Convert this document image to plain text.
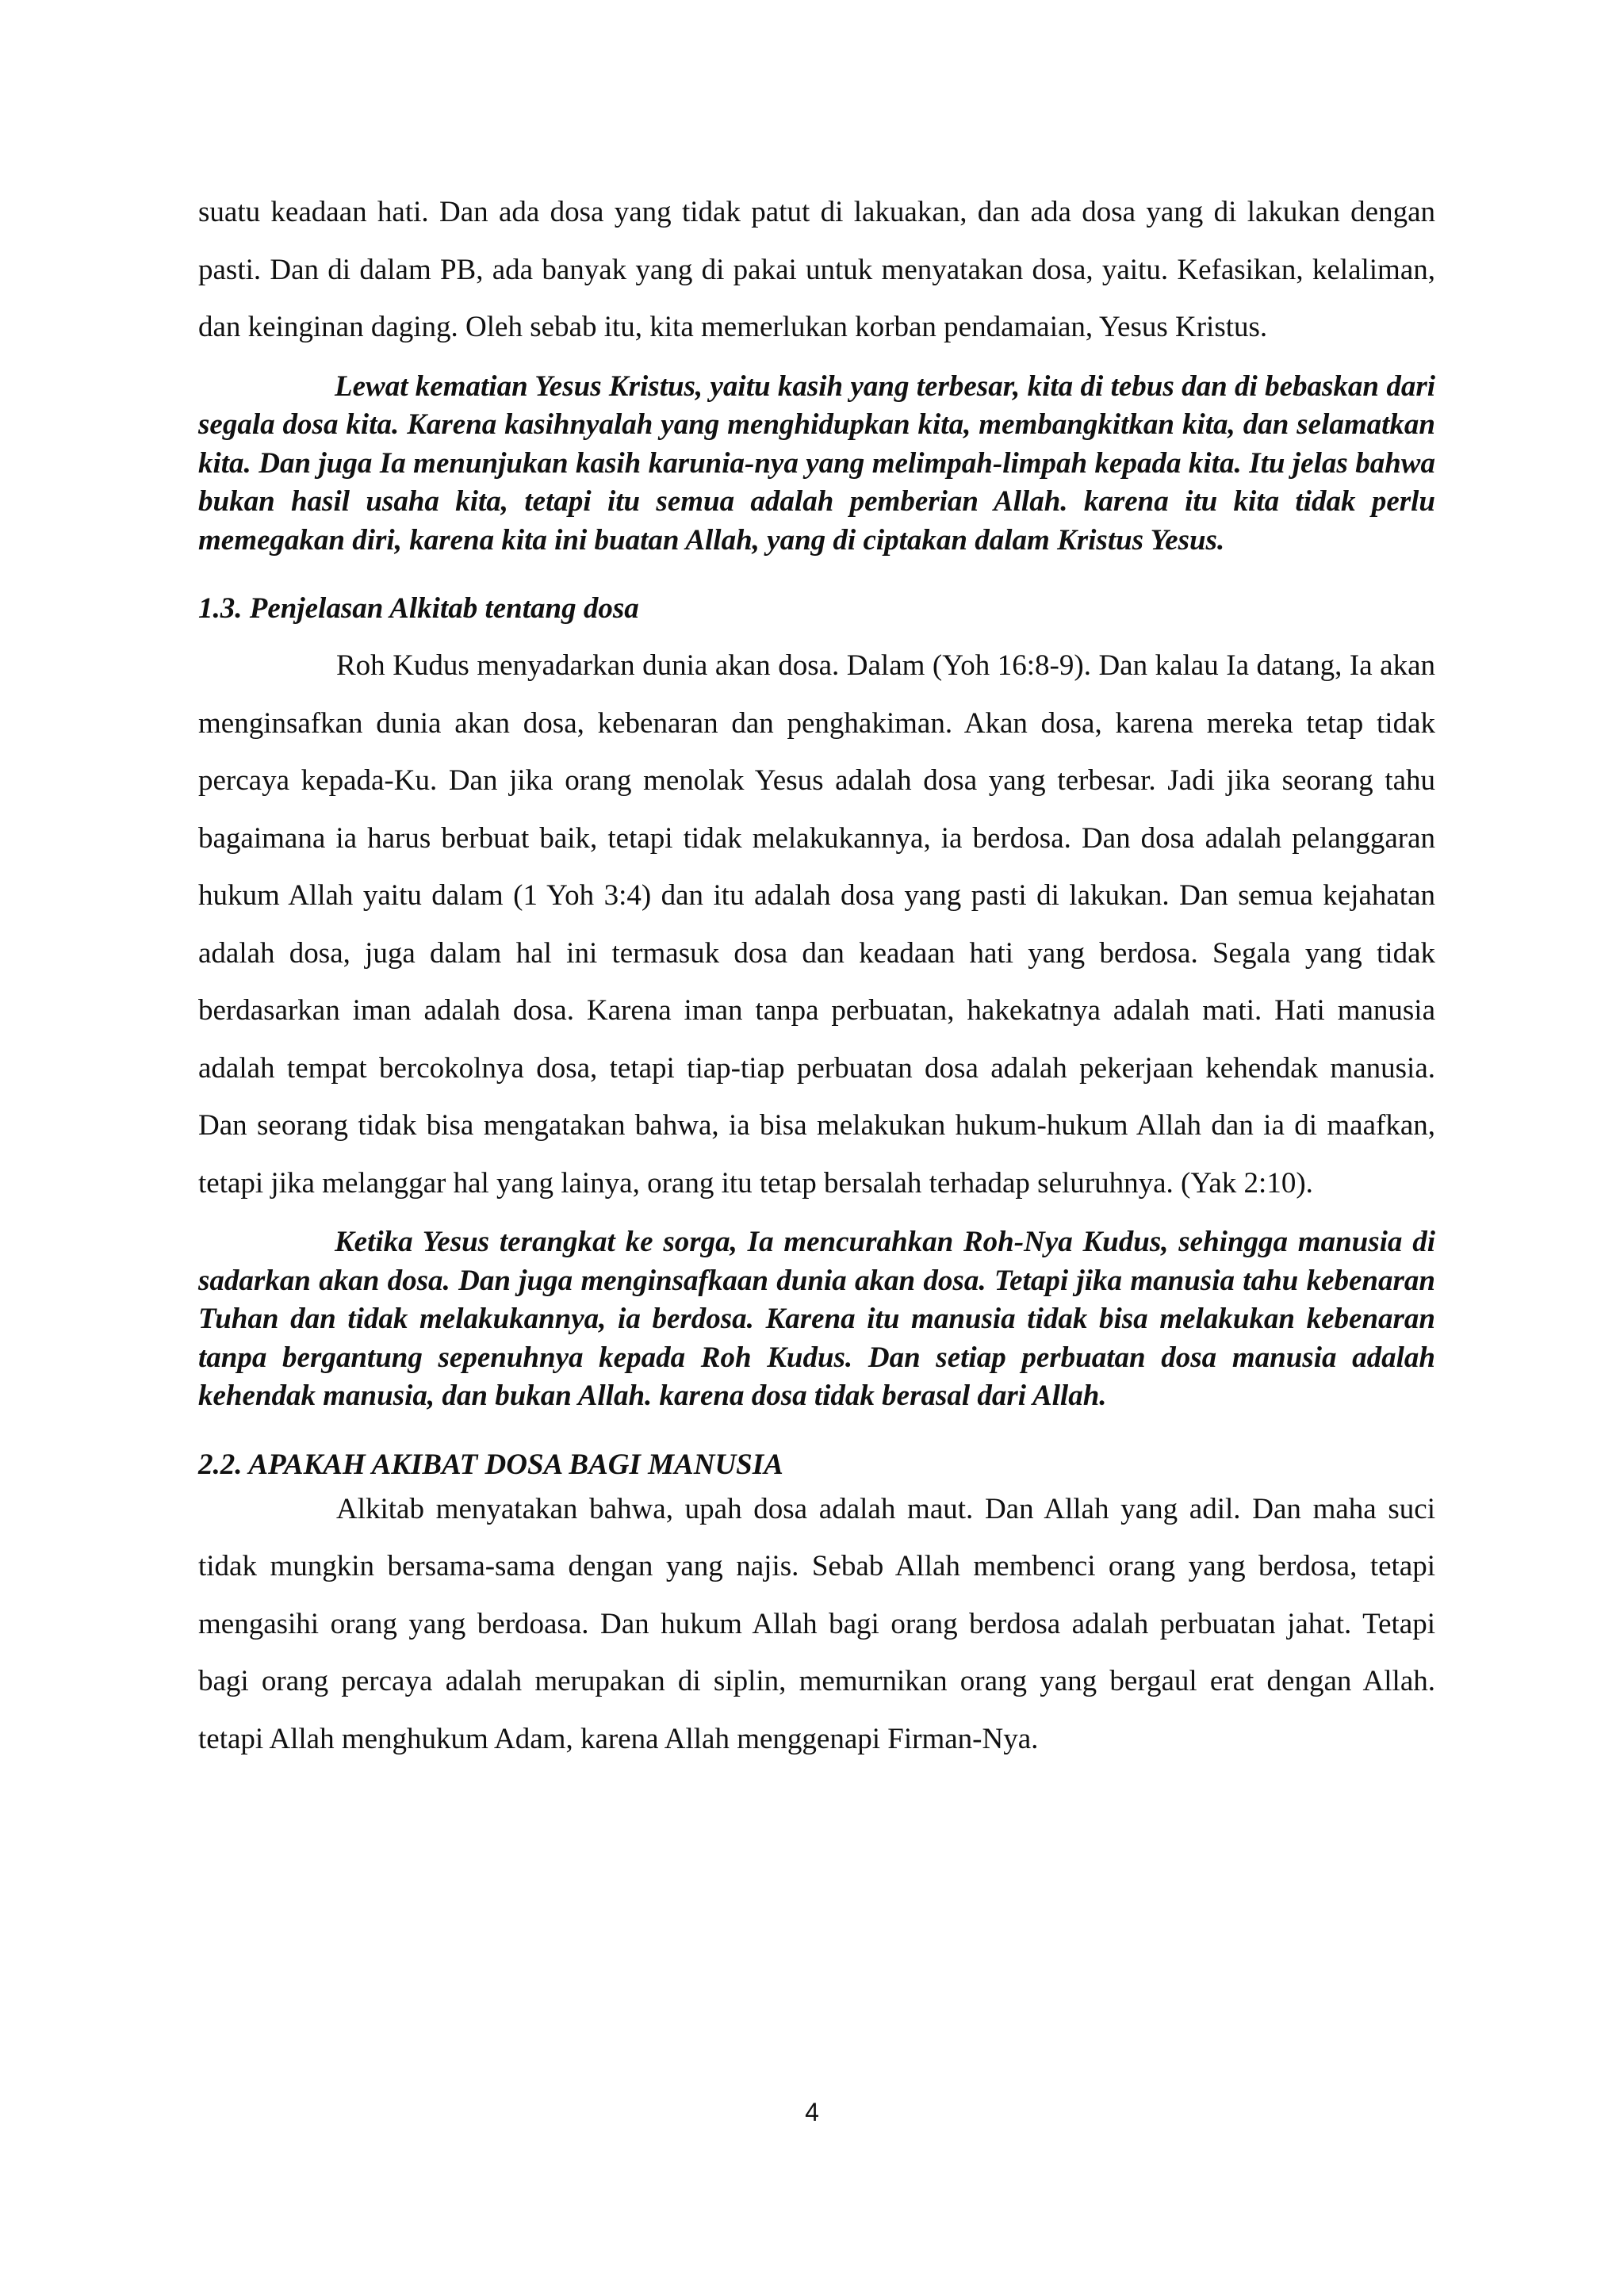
suatu keadaan hati. Dan ada dosa yang tidak patut di lakuakan, dan ada dosa yang di lakukan dengan pasti. Dan di dalam PB, ada banyak yang di pakai untuk menyatakan dosa, yaitu. Kefasikan, kelaliman, dan keinginan daging. Oleh sebab itu, kita memerlukan korban pendamaian, Yesus Kristus.

Lewat kematian Yesus Kristus, yaitu kasih yang terbesar, kita di tebus dan di bebaskan dari segala dosa kita. Karena kasihnyalah yang menghidupkan kita, membangkitkan kita, dan selamatkan kita. Dan juga Ia menunjukan kasih karunia-nya yang melimpah-limpah kepada kita. Itu jelas bahwa bukan hasil usaha kita, tetapi itu semua adalah pemberian Allah. karena itu kita tidak perlu memegakan diri, karena kita ini buatan Allah, yang di ciptakan dalam Kristus Yesus.

1.3. Penjelasan Alkitab tentang dosa

Roh Kudus menyadarkan dunia akan dosa. Dalam (Yoh 16:8-9). Dan kalau Ia datang, Ia akan menginsafkan dunia akan dosa, kebenaran dan penghakiman. Akan dosa, karena mereka tetap tidak percaya kepada-Ku. Dan jika orang menolak Yesus adalah dosa yang terbesar. Jadi jika seorang tahu bagaimana ia harus berbuat baik, tetapi tidak melakukannya, ia berdosa. Dan dosa adalah pelanggaran hukum Allah yaitu dalam (1 Yoh 3:4) dan itu adalah dosa yang pasti di lakukan. Dan semua kejahatan adalah dosa, juga dalam hal ini termasuk dosa dan keadaan hati yang berdosa. Segala yang tidak berdasarkan iman adalah dosa. Karena iman tanpa perbuatan, hakekatnya adalah mati. Hati manusia adalah tempat bercokolnya dosa, tetapi tiap-tiap perbuatan dosa adalah pekerjaan kehendak manusia. Dan seorang tidak bisa mengatakan bahwa, ia bisa melakukan hukum-hukum Allah dan ia di maafkan, tetapi jika melanggar hal yang lainya, orang itu tetap bersalah terhadap seluruhnya. (Yak 2:10).

Ketika Yesus terangkat ke sorga, Ia mencurahkan Roh-Nya Kudus, sehingga manusia di sadarkan akan dosa. Dan juga menginsafkaan dunia akan dosa. Tetapi jika manusia tahu kebenaran Tuhan dan tidak melakukannya, ia berdosa. Karena itu manusia tidak bisa melakukan kebenaran tanpa bergantung sepenuhnya kepada Roh Kudus. Dan setiap perbuatan dosa manusia adalah kehendak manusia, dan bukan Allah. karena dosa tidak berasal dari Allah.

2.2. APAKAH AKIBAT DOSA BAGI MANUSIA

Alkitab menyatakan bahwa, upah dosa adalah maut. Dan Allah yang adil. Dan maha suci tidak mungkin bersama-sama dengan yang najis. Sebab Allah membenci orang yang berdosa, tetapi mengasihi orang yang berdoasa. Dan hukum Allah bagi orang berdosa adalah perbuatan jahat. Tetapi bagi orang percaya adalah merupakan di siplin, memurnikan orang yang bergaul erat dengan Allah. tetapi Allah menghukum Adam, karena Allah menggenapi Firman-Nya.

4
